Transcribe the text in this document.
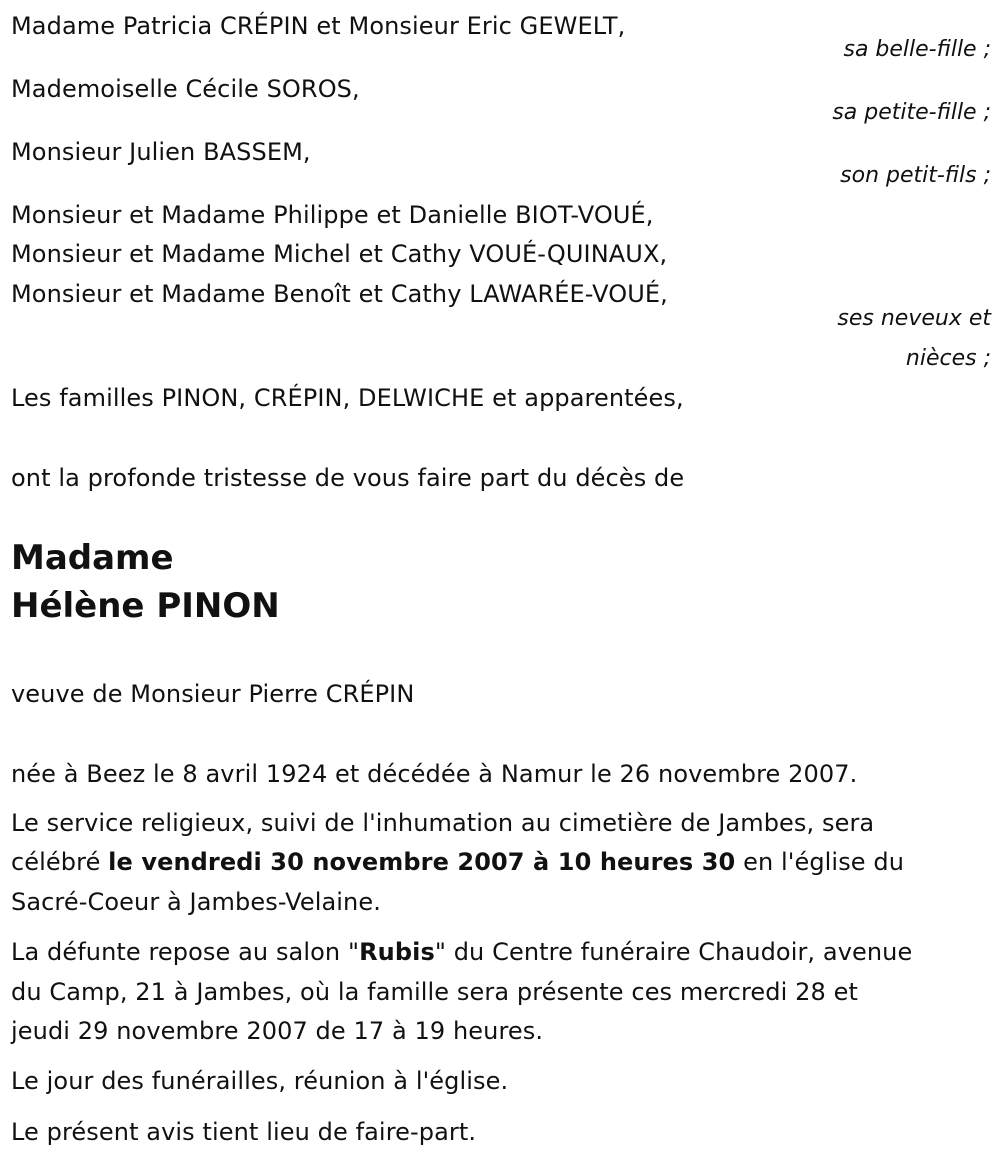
Madame Patricia CRÉPIN et Monsieur Eric GEWELT,
sa belle-fille ;
Mademoiselle Cécile SOROS,
sa petite-fille ;
Monsieur Julien BASSEM,
son petit-fils ;
Monsieur et Madame Philippe et Danielle BIOT-VOUÉ,
Monsieur et Madame Michel et Cathy VOUÉ-QUINAUX,
Monsieur et Madame Benoît et Cathy LAWARÉE-VOUÉ,
ses neveux et
nièces ;
Les familles PINON, CRÉPIN, DELWICHE et apparentées,
ont la profonde tristesse de vous faire part du décès de
Madame
Hélène PINON
veuve de Monsieur Pierre CRÉPIN
née à Beez le 8 avril 1924 et décédée à Namur le 26 novembre 2007.
Le service religieux, suivi de l'inhumation au cimetière de Jambes, sera
célébré le vendredi 30 novembre 2007 à 10 heures 30 en l'église du
Sacré-Coeur à Jambes-Velaine.
La défunte repose au salon "Rubis" du Centre funéraire Chaudoir, avenue
du Camp, 21 à Jambes, où la famille sera présente ces mercredi 28 et
jeudi 29 novembre 2007 de 17 à 19 heures.
Le jour des funérailles, réunion à l'église.
Le présent avis tient lieu de faire-part.
